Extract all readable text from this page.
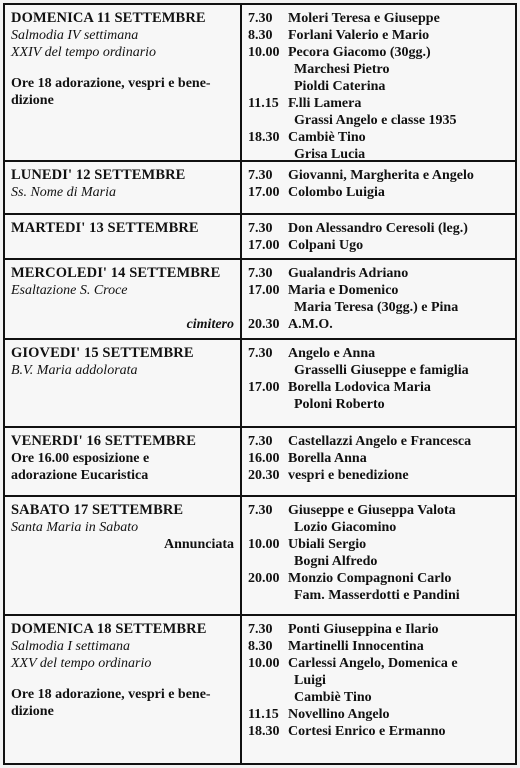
DOMENICA 11 SETTEMBRE
Salmodia IV settimana
XXIV del tempo ordinario
Ore 18 adorazione, vespri e bene-dizione
7.30	Moleri Teresa e Giuseppe
8.30	Forlani Valerio e Mario
10.00 Pecora Giacomo (30gg.)
Marchesi Pietro
Pioldi Caterina
11.15 F.lli Lamera
Grassi Angelo e classe 1935
18.30 Cambiè Tino
Grisa Lucia
LUNEDI' 12 SETTEMBRE
Ss. Nome di Maria
7.30	Giovanni, Margherita e Angelo
17.00 Colombo Luigia
MARTEDI' 13 SETTEMBRE	7.30	Don Alessandro Ceresoli (leg.)
17.00 Colpani Ugo
MERCOLEDI' 14 SETTEMBRE
Esaltazione S. Croce
cimitero
7.30	Gualandris Adriano
17.00 Maria e Domenico
Maria Teresa (30gg.) e Pina
20.30 A.M.O.
GIOVEDI' 15 SETTEMBRE
B.V. Maria addolorata
7.30	Angelo e Anna
Grasselli Giuseppe e famiglia
17.00 Borella Lodovica Maria
Poloni Roberto
VENERDI' 16 SETTEMBRE
Ore 16.00 esposizione e
adorazione Eucaristica
7.30	Castellazzi Angelo e Francesca
16.00 Borella Anna
20.30 vespri e benedizione
SABATO 17 SETTEMBRE
Santa Maria in Sabato
Annunciata
7.30	Giuseppe e Giuseppa Valota
Lozio Giacomino
10.00 Ubiali Sergio
Bogni Alfredo
20.00 Monzio Compagnoni Carlo
Fam. Masserdotti e Pandini
DOMENICA 18 SETTEMBRE
Salmodia I settimana
XXV del tempo ordinario
Ore 18 adorazione, vespri e bene-dizione
7.30	Ponti Giuseppina e Ilario
8.30	Martinelli Innocentina
10.00 Carlessi Angelo, Domenica e
Luigi
Cambiè Tino
11.15 Novellino Angelo
18.30 Cortesi Enrico e Ermanno
